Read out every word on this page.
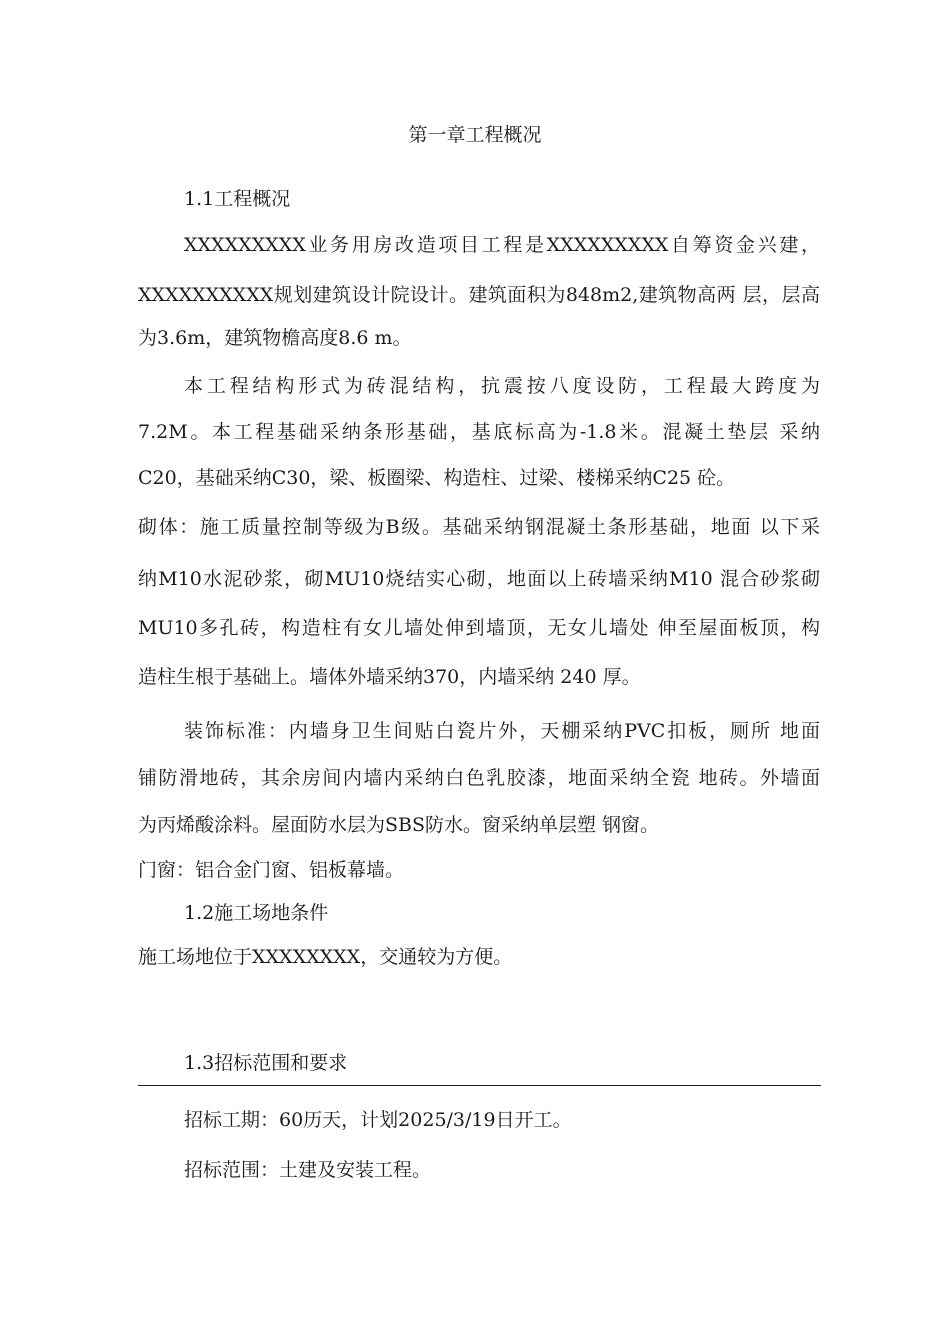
第一章工程概况
1.1工程概况
XXXXXXXXX业务用房改造项目工程是XXXXXXXXX自筹资金兴建，
XXXXXXXXXX规划建筑设计院设计。建筑面积为848m2,建筑物高两 层，层高
为3.6m，建筑物檐高度8.6 m。
本工程结构形式为砖混结构，抗震按八度设防，工程最大跨度为
7.2M。本工程基础采纳条形基础，基底标高为-1.8米。混凝土垫层 采纳
C20，基础采纳C30，梁、板圈梁、构造柱、过梁、楼梯采纳C25 砼。
砌体：施工质量控制等级为B级。基础采纳钢混凝土条形基础，地面 以下采
纳M10水泥砂浆，砌MU10烧结实心砌，地面以上砖墙采纳M10 混合砂浆砌
MU10多孔砖，构造柱有女儿墙处伸到墙顶，无女儿墙处 伸至屋面板顶，构
造柱生根于基础上。墙体外墙采纳370，内墙采纳 240 厚。
装饰标准：内墙身卫生间贴白瓷片外，天棚采纳PVC扣板，厕所 地面
铺防滑地砖，其余房间内墙内采纳白色乳胶漆，地面采纳全瓷 地砖。外墙面
为丙烯酸涂料。屋面防水层为SBS防水。窗采纳单层塑 钢窗。
门窗：铝合金门窗、铝板幕墙。
1.2施工场地条件
施工场地位于XXXXXXXX，交通较为方便。
1.3招标范围和要求
招标工期：60历天，计划2025/3/19日开工。
招标范围：土建及安装工程。
